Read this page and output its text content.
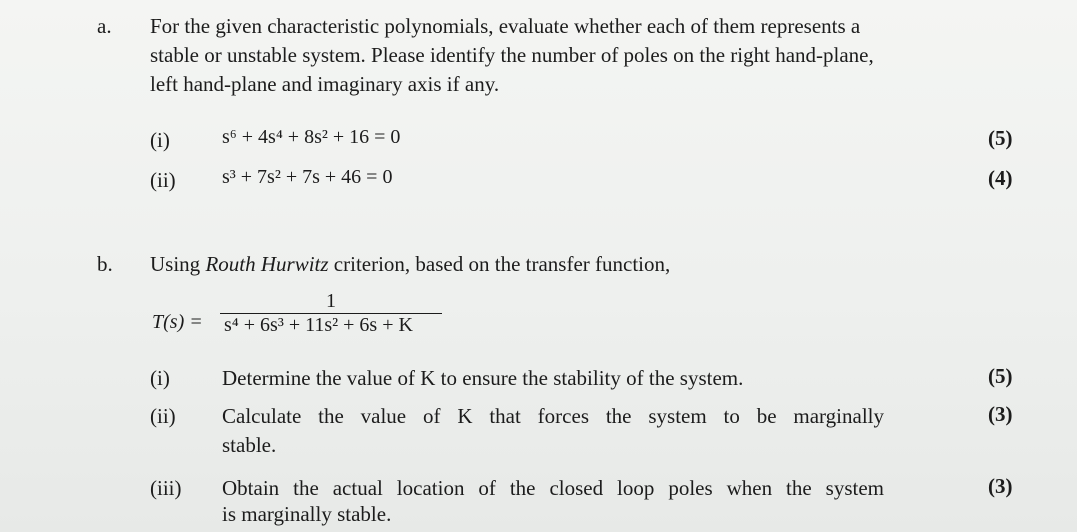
a. For the given characteristic polynomials, evaluate whether each of them represents a
stable or unstable system. Please identify the number of poles on the right hand-plane,
left hand-plane and imaginary axis if any.
(i)	s⁶ + 4s⁴ + 8s² + 16 = 0	(5)
(ii) s³ + 7s² + 7s + 46 = 0	(4)
b. Using Routh Hurwitz criterion, based on the transfer function,
T(s) =
1
s⁴ + 6s³ + 11s² + 6s + K
(i) Determine the value of K to ensure the stability of the system.	(5)
(ii) Calculate the value of K that forces the system to be marginally
stable.
(3)
(iii) Obtain the actual location of the closed loop poles when the system
is marginally stable.
(3)
